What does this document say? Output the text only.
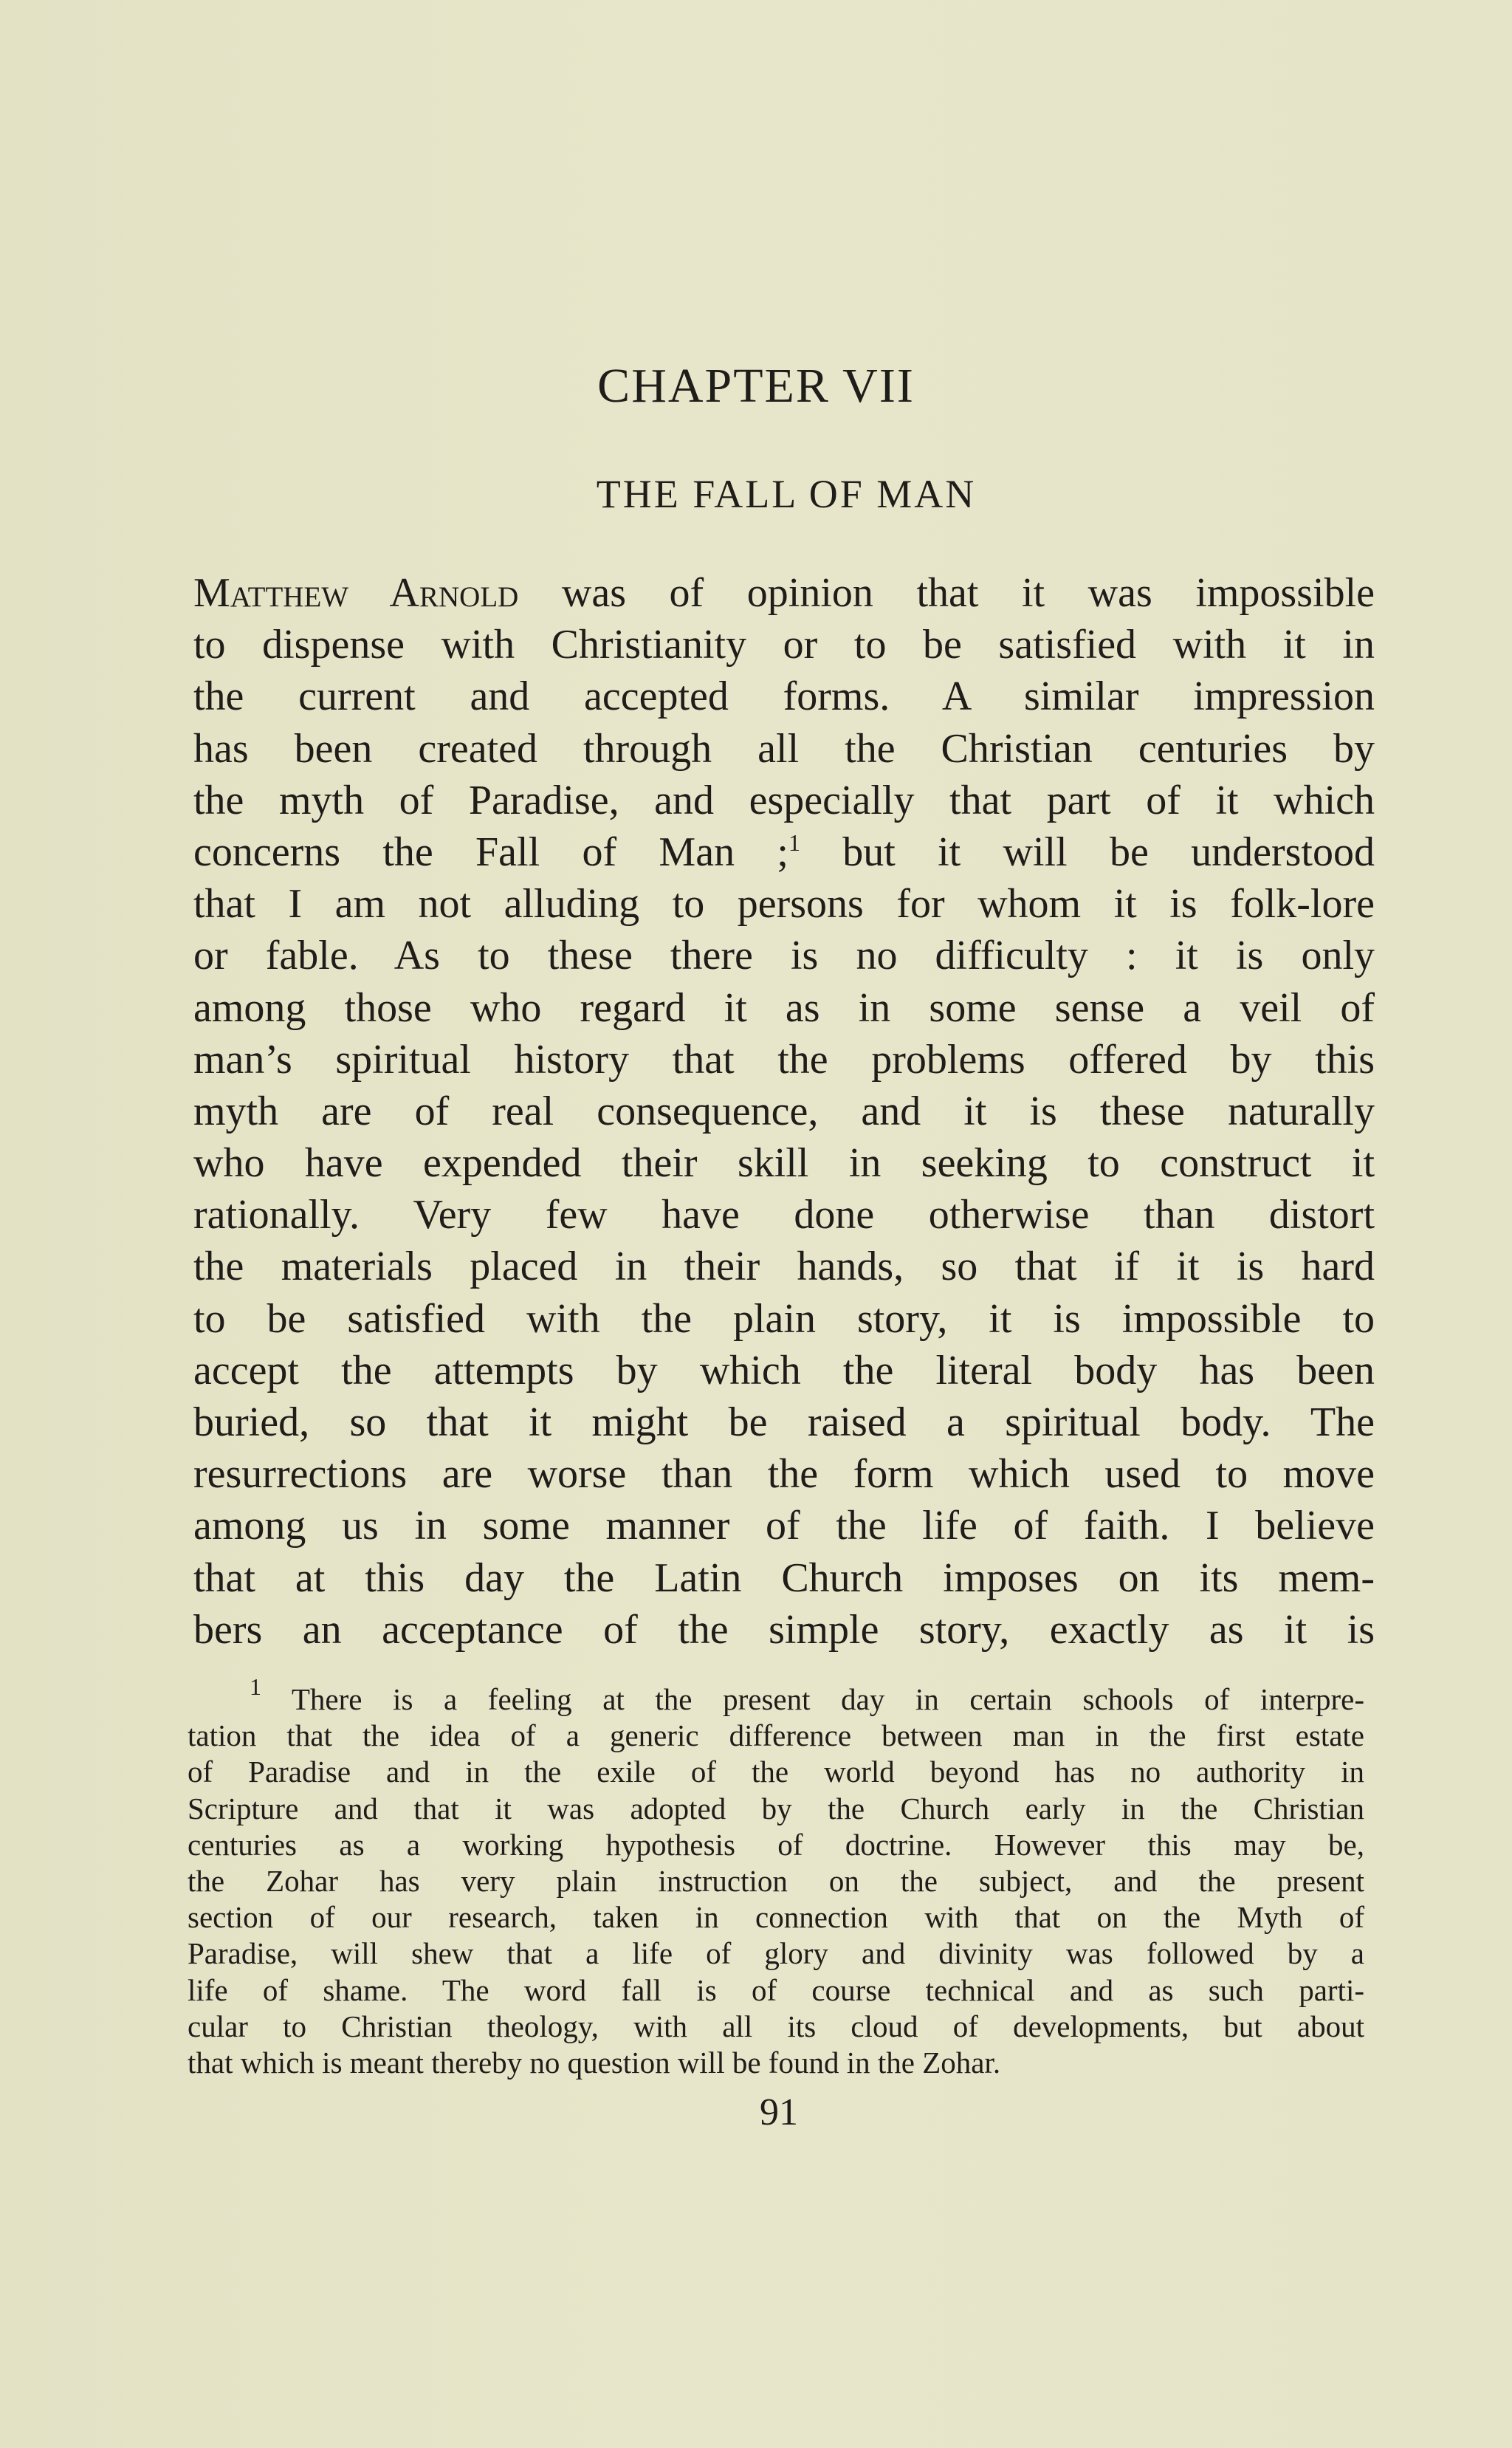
CHAPTER VII
THE FALL OF MAN
Matthew Arnold was of opinion that it was impossible
to dispense with Christianity or to be satisfied with it in
the current and accepted forms. A similar impression
has been created through all the Christian centuries by
the myth of Paradise, and especially that part of it which
concerns the Fall of Man ;$^1$ but it will be understood
that I am not alluding to persons for whom it is folk-lore
or fable. As to these there is no difficulty : it is only
among those who regard it as in some sense a veil of
man’s spiritual history that the problems offered by this
myth are of real consequence, and it is these naturally
who have expended their skill in seeking to construct it
rationally. Very few have done otherwise than distort
the materials placed in their hands, so that if it is hard
to be satisfied with the plain story, it is impossible to
accept the attempts by which the literal body has been
buried, so that it might be raised a spiritual body. The
resurrections are worse than the form which used to move
among us in some manner of the life of faith. I believe
that at this day the Latin Church imposes on its mem-
bers an acceptance of the simple story, exactly as it is
$^1$ There is a feeling at the present day in certain schools of interpre-
tation that the idea of a generic difference between man in the first estate
of Paradise and in the exile of the world beyond has no authority in
Scripture and that it was adopted by the Church early in the Christian
centuries as a working hypothesis of doctrine. However this may be,
the Zohar has very plain instruction on the subject, and the present
section of our research, taken in connection with that on the Myth of
Paradise, will shew that a life of glory and divinity was followed by a
life of shame. The word fall is of course technical and as such parti-
cular to Christian theology, with all its cloud of developments, but about
that which is meant thereby no question will be found in the Zohar.
91
